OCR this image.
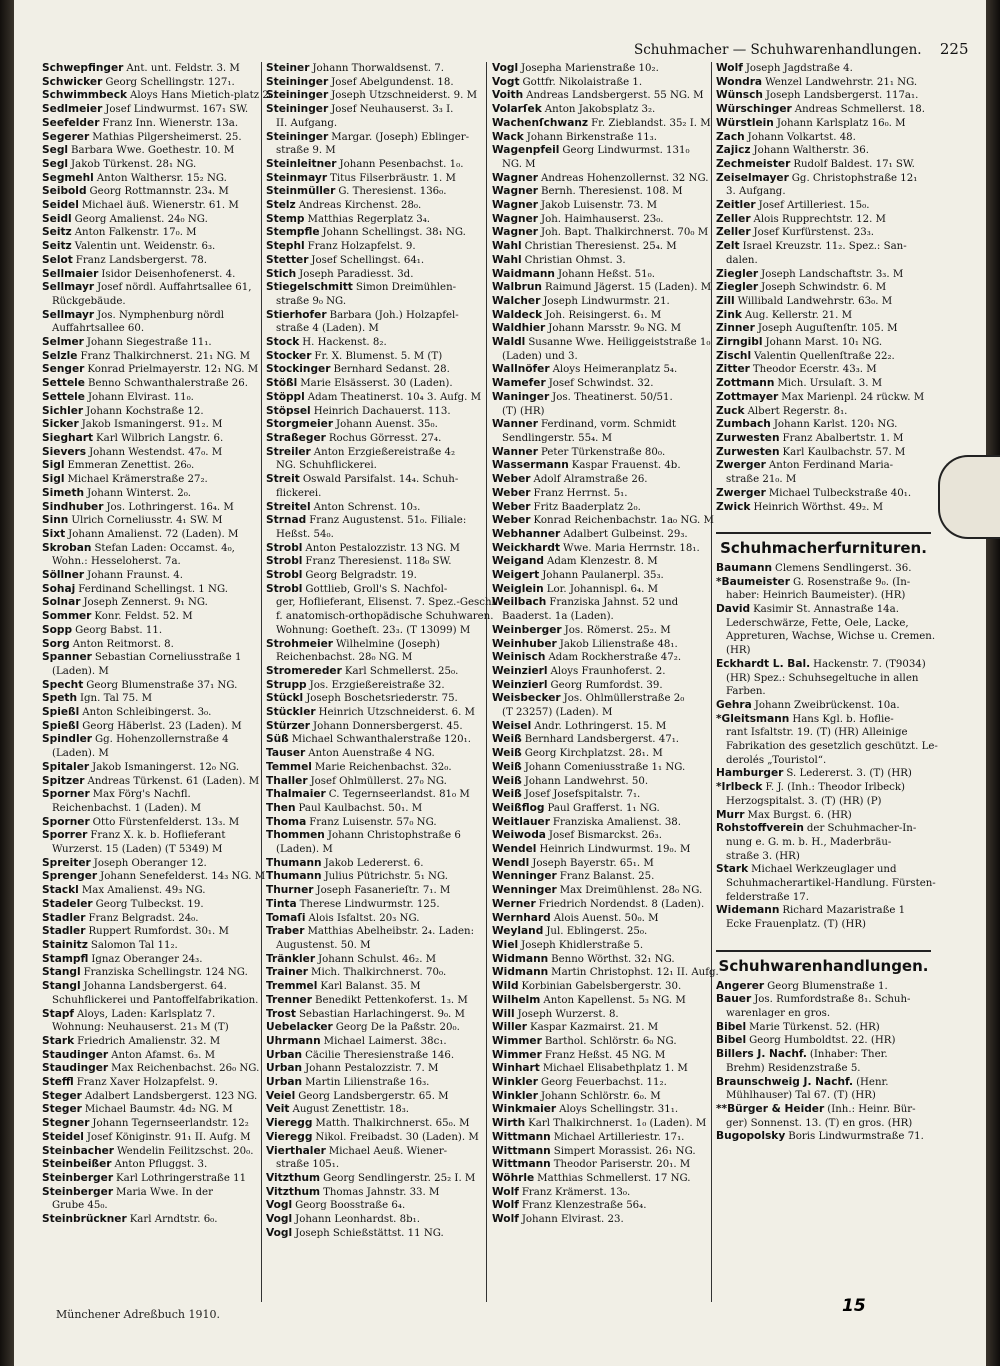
Schuhmacher — Schuhwarenhandlungen. 225

Schwepfinger Ant. unt. Feldstr. 3. M

Schwicker Georg Schellingstr. 127₁.

Schwimmbeck Aloys Hans Mietich-platz 2₀.

Sedlmeier Josef Lindwurmst. 167₁ SW.

Seefelder Franz Inn. Wienerstr. 13a.

Segerer Mathias Pilgersheimerst. 25.

Segl Barbara Wwe. Goethestr. 10. M

Segl Jakob Türkenst. 28₁ NG.

Segmehl Anton Walthersr. 15₂ NG.

Seibold Georg Rottmannstr. 23₄. M

Seidel Michael äuß. Wienerstr. 61. M

Seidl Georg Amalienst. 24₀ NG.

Seitz Anton Falkenstr. 17₀. M

Seitz Valentin unt. Weidenstr. 6₃.

Selot Franz Landsbergerst. 78.

Sellmaier Isidor Deisenhofenerst. 4.

Sellmayr Josef nördl. Auffahrtsallee 61,

Rückgebäude.

Sellmayr Jos. Nymphenburg nördl

Auffahrtsallee 60.

Selmer Johann Siegestraße 11₁.

Selzle Franz Thalkirchnerst. 21₁ NG. M

Senger Konrad Prielmayerstr. 12₁ NG. M

Settele Benno Schwanthalerstraße 26.

Settele Johann Elvirast. 11₀.

Sichler Johann Kochstraße 12.

Sicker Jakob Ismaningerst. 91₂. M

Sieghart Karl Wilbrich Langstr. 6.

Sievers Johann Westendst. 47₀. M

Sigl Emmeran Zenettist. 26₀.

Sigl Michael Krämerstraße 27₂.

Simeth Johann Winterst. 2₀.

Sindhuber Jos. Lothringerst. 16₄. M

Sinn Ulrich Corneliusstr. 4₁ SW. M

Sixt Johann Amalienst. 72 (Laden). M

Skroban Stefan Laden: Occamst. 4₀,

Wohn.: Hesseloherst. 7a.

Söllner Johann Fraunst. 4.

Sohaj Ferdinand Schellingst. 1 NG.

Solnar Joseph Zennerst. 9₁ NG.

Sommer Konr. Feldst. 52. M

Sopp Georg Babst. 11.

Sorg Anton Reitmorst. 8.

Spanner Sebastian Corneliusstraße 1

(Laden). M

Specht Georg Blumenstraße 37₁ NG.

Speth Ign. Tal 75. M

Spießl Anton Schleibingerst. 3₀.

Spießl Georg Häberlst. 23 (Laden). M

Spindler Gg. Hohenzollernstraße 4

(Laden). M

Spitaler Jakob Ismaningerst. 12₀ NG.

Spitzer Andreas Türkenst. 61 (Laden). M

Sporner Max Förg's Nachfl.

Reichenbachst. 1 (Laden). M

Sporner Otto Fürstenfelderst. 13₃. M

Sporrer Franz X. k. b. Hoflieferant

Wurzerst. 15 (Laden) (T 5349) M

Spreiter Joseph Oberanger 12.

Sprenger Johann Senefelderst. 14₃ NG. M

Stackl Max Amalienst. 49₃ NG.

Stadeler Georg Tulbeckst. 19.

Stadler Franz Belgradst. 24₀.

Stadler Ruppert Rumfordst. 30₁. M

Stainitz Salomon Tal 11₂.

Stampfl Ignaz Oberanger 24₃.

Stangl Franziska Schellingstr. 124 NG.

Stangl Johanna Landsbergerst. 64.

Schuhflickerei und Pantoffelfabrikation.

Stapf Aloys, Laden: Karlsplatz 7.

Wohnung: Neuhauserst. 21₃ M (T)

Stark Friedrich Amalienstr. 32. M

Staudinger Anton Afamst. 6₃. M

Staudinger Max Reichenbachst. 26₀ NG.

Steffl Franz Xaver Holzapfelst. 9.

Steger Adalbert Landsbergerst. 123 NG.

Steger Michael Baumstr. 4d₂ NG. M

Stegner Johann Tegernseerlandstr. 12₂

Steidel Josef Königinstr. 91₁ II. Aufg. M

Steinbacher Wendelin Feilitzschst. 20₀.

Steinbeißer Anton Pfluggst. 3.

Steinberger Karl Lothringerstraße 11

Steinberger Maria Wwe. In der

Grube 45₀.

Steinbrückner Karl Arndtstr. 6₀.

Steiner Johann Thorwaldsenst. 7.

Steininger Josef Abelgundenst. 18.

Steininger Joseph Utzschneiderst. 9. M

Steininger Josef Neuhauserst. 3₃ I.

II. Aufgang.

Steininger Margar. (Joseph) Eblinger-

straße 9. M

Steinleitner Johann Pesenbachst. 1₀.

Steinmayr Titus Filserbräustr. 1. M

Steinmüller G. Theresienst. 136₀.

Stelz Andreas Kirchenst. 28₀.

Stemp Matthias Regerplatz 3₄.

Stempfle Johann Schellingst. 38₁ NG.

Stephl Franz Holzapfelst. 9.

Stetter Josef Schellingst. 64₁.

Stich Joseph Paradiesst. 3d.

Stiegelschmitt Simon Dreimühlen-

straße 9₀ NG.

Stierhofer Barbara (Joh.) Holzapfel-

straße 4 (Laden). M

Stock H. Hackenst. 8₂.

Stocker Fr. X. Blumenst. 5. M (T)

Stockinger Bernhard Sedanst. 28.

Stößl Marie Elsässerst. 30 (Laden).

Stöppl Adam Theatinerst. 10₄ 3. Aufg. M

Stöpsel Heinrich Dachauerst. 113.

Storgmeier Johann Auenst. 35₀.

Straßeger Rochus Görresst. 27₄.

Streiler Anton Erzgießereistraße 4₂

NG. Schuhflickerei.

Streit Oswald Parsifalst. 14₄. Schuh-

flickerei.

Streitel Anton Schrenst. 10₃.

Strnad Franz Augustenst. 51₀. Filiale:

Heßst. 54₀.

Strobl Anton Pestalozzistr. 13 NG. M

Strobl Franz Theresienst. 118₀ SW.

Strobl Georg Belgradstr. 19.

Strobl Gottlieb, Groll's S. Nachfol-

ger, Hoflieferant, Elisenst. 7. Spez.-Geschl.

f. anatomisch-orthopädische Schuhwaren.

Wohnung: Goetheſt. 23₃. (T 13099) M

Strohmeier Wilhelmine (Joseph)

Reichenbachst. 28₀ NG. M

Stromereder Karl Schmellerst. 25₀.

Strupp Jos. Erzgießereistraße 32.

Stückl Joseph Boschetsriederstr. 75.

Stückler Heinrich Utzschneiderst. 6. M

Stürzer Johann Donnersbergerst. 45.

Süß Michael Schwanthalerstraße 120₁.

Tauser Anton Auenstraße 4 NG.

Temmel Marie Reichenbachst. 32₀.

Thaller Josef Ohlmüllerst. 27₀ NG.

Thalmaier C. Tegernseerlandst. 81₀ M

Then Paul Kaulbachst. 50₁. M

Thoma Franz Luisenstr. 57₀ NG.

Thommen Johann Christophstraße 6

(Laden). M

Thumann Jakob Ledererst. 6.

Thumann Julius Pütrichstr. 5₁ NG.

Thurner Joseph Fasanerieſtr. 7₁. M

Tinta Therese Lindwurmstr. 125.

Tomaſi Alois Isfaltst. 20₃ NG.

Traber Matthias Abelheibstr. 2₄. Laden:

Augustenst. 50. M

Tränkler Johann Schulst. 46₂. M

Trainer Mich. Thalkirchnerst. 70₀.

Tremmel Karl Balanst. 35. M

Trenner Benedikt Pettenkoferst. 1₃. M

Trost Sebastian Harlachingerst. 9₀. M

Uebelacker Georg De la Paßstr. 20₀.

Uhrmann Michael Laimerst. 38c₁.

Urban Cäcilie Theresienstraße 146.

Urban Johann Pestalozzistr. 7. M

Urban Martin Lilienstraße 16₃.

Veiel Georg Landsbergerstr. 65. M

Veit August Zenettistr. 18₃.

Vieregg Matth. Thalkirchnerst. 65₀. M

Vieregg Nikol. Freibadst. 30 (Laden). M

Vierthaler Michael Aeuß. Wiener-

straße 105₁.

Vitzthum Georg Sendlingerstr. 25₂ I. M

Vitzthum Thomas Jahnstr. 33. M

Vogl Georg Boosstraße 6₄.

Vogl Johann Leonhardst. 8b₁.

Vogl Joseph Schießstättst. 11 NG.

Vogl Josepha Marienstraße 10₂.

Vogt Gottfr. Nikolaistraße 1.

Voith Andreas Landsbergerst. 55 NG. M

Volarſek Anton Jakobsplatz 3₂.

Wachenſchwanz Fr. Zieblandst. 35₂ I. M

Wack Johann Birkenstraße 11₃.

Wagenpfeil Georg Lindwurmst. 131₀

NG. M

Wagner Andreas Hohenzollernst. 32 NG.

Wagner Bernh. Theresienst. 108. M

Wagner Jakob Luisenstr. 73. M

Wagner Joh. Haimhauserst. 23₀.

Wagner Joh. Bapt. Thalkirchnerst. 70₀ M

Wahl Christian Theresienst. 25₄. M

Wahl Christian Ohmst. 3.

Waidmann Johann Heßst. 51₀.

Walbrun Raimund Jägerst. 15 (Laden). M

Walcher Joseph Lindwurmstr. 21.

Waldeck Joh. Reisingerst. 6₁. M

Waldhier Johann Marsstr. 9₀ NG. M

Waldl Susanne Wwe. Heiliggeiststraße 1₀

(Laden) und 3.

Wallnöfer Aloys Heimeranplatz 5₄.

Wamefer Josef Schwindst. 32.

Waninger Jos. Theatinerst. 50/51.

(T) (HR)

Wanner Ferdinand, vorm. Schmidt

Sendlingerstr. 55₄. M

Wanner Peter Türkenstraße 80₀.

Wassermann Kaspar Frauenst. 4b.

Weber Adolf Alramstraße 26.

Weber Franz Herrnst. 5₁.

Weber Fritz Baaderplatz 2₀.

Weber Konrad Reichenbachstr. 1a₀ NG. M

Webhanner Adalbert Gulbeinst. 29₃.

Weickhardt Wwe. Maria Herrnstr. 18₁.

Weigand Adam Klenzestr. 8. M

Weigert Johann Paulanerpl. 35₃.

Weiglein Lor. Johannispl. 6₄. M

Weilbach Franziska Jahnst. 52 und

Baaderst. 1a (Laden).

Weinberger Jos. Römerst. 25₂. M

Weinhuber Jakob Lilienstraße 48₁.

Weinisch Adam Rockherstraße 47₂.

Weinzierl Aloys Fraunhoferst. 2.

Weinzierl Georg Rumfordst. 39.

Weisbecker Jos. Ohlmüllerstraße 2₀

(T 23257) (Laden). M

Weisel Andr. Lothringerst. 15. M

Weiß Bernhard Landsbergerst. 47₁.

Weiß Georg Kirchplatzst. 28₁. M

Weiß Johann Comeniusstraße 1₁ NG.

Weiß Johann Landwehrst. 50.

Weiß Josef Josefspitalstr. 7₁.

Weißflog Paul Grafferst. 1₁ NG.

Weitlauer Franziska Amalienst. 38.

Weiwoda Josef Bismarckst. 26₃.

Wendel Heinrich Lindwurmst. 19₀. M

Wendl Joseph Bayerstr. 65₁. M

Wenninger Franz Balanst. 25.

Wenninger Max Dreimühlenst. 28₀ NG.

Werner Friedrich Nordendst. 8 (Laden).

Wernhard Alois Auenst. 50₀. M

Weyland Jul. Eblingerst. 25₀.

Wiel Joseph Khidlerstraße 5.

Widmann Benno Wörthst. 32₁ NG.

Widmann Martin Christophst. 12₁ II. Aufg.

Wild Korbinian Gabelsbergerstr. 30.

Wilhelm Anton Kapellenst. 5₃ NG. M

Will Joseph Wurzerst. 8.

Willer Kaspar Kazmairst. 21. M

Wimmer Barthol. Schlörstr. 6₀ NG.

Wimmer Franz Heßst. 45 NG. M

Winhart Michael Elisabethplatz 1. M

Winkler Georg Feuerbachst. 11₂.

Winkler Johann Schlörstr. 6₀. M

Winkmaier Aloys Schellingstr. 31₁.

Wirth Karl Thalkirchnerst. 1₀ (Laden). M

Wittmann Michael Artilleriestr. 17₁.

Wittmann Simpert Morassist. 26₁ NG.

Wittmann Theodor Pariserstr. 20₁. M

Wöhrle Matthias Schmellerst. 17 NG.

Wolf Franz Krämerst. 13₀.

Wolf Franz Klenzestraße 56₄.

Wolf Johann Elvirast. 23.

Wolf Joseph Jagdstraße 4.

Wondra Wenzel Landwehrstr. 21₁ NG.

Wünsch Joseph Landsbergerst. 117a₁.

Würschinger Andreas Schmellerst. 18.

Würstlein Johann Karlsplatz 16₀. M

Zach Johann Volkartst. 48.

Zajicz Johann Waltherstr. 36.

Zechmeister Rudolf Baldest. 17₁ SW.

Zeiselmayer Gg. Christophstraße 12₁

3. Aufgang.

Zeitler Josef Artilleriest. 15₀.

Zeller Alois Rupprechtstr. 12. M

Zeller Josef Kurfürstenst. 23₃.

Zelt Israel Kreuzstr. 11₂. Spez.: San-

dalen.

Ziegler Joseph Landschaftstr. 3₃. M

Ziegler Joseph Schwindstr. 6. M

Zill Willibald Landwehrstr. 63₀. M

Zink Aug. Kellerstr. 21. M

Zinner Joseph Auguſtenſtr. 105. M

Zirngibl Johann Marst. 10₁ NG.

Zischl Valentin Quellenſtraße 22₂.

Zitter Theodor Ecerstr. 43₃. M

Zottmann Mich. Ursulaſt. 3. M

Zottmayer Max Marienpl. 24 rückw. M

Zuck Albert Regerstr. 8₁.

Zumbach Johann Karlst. 120₁ NG.

Zurwesten Franz Abalbertstr. 1. M

Zurwesten Karl Kaulbachstr. 57. M

Zwerger Anton Ferdinand Maria-

straße 21₀. M

Zwerger Michael Tulbeckstraße 40₁.

Zwick Heinrich Wörthst. 49₂. M

Schuhmacherfurnituren.

Baumann Clemens Sendlingerst. 36.

*Baumeister G. Rosenstraße 9₀. (In-

haber: Heinrich Baumeister). (HR)

David Kasimir St. Annastraße 14a.

Lederschwärze, Fette, Oele, Lacke,

Appreturen, Wachse, Wichse u. Cremen.

(HR)

Eckhardt L. Bal. Hackenstr. 7. (T9034)

(HR) Spez.: Schuhsegeltuche in allen

Farben.

Gehra Johann Zweibrückenst. 10a.

*Gleitsmann Hans Kgl. b. Hoflie-

rant Isfaltstr. 19. (T) (HR) Alleinige

Fabrikation des gesetzlich geschützt. Le-

derolés „Touristol“.

Hamburger S. Ledererst. 3. (T) (HR)

*Irlbeck F. J. (Inh.: Theodor Irlbeck)

Herzogspitalst. 3. (T) (HR) (P)

Murr Max Burgst. 6. (HR)

Rohstoffverein der Schuhmacher-In-

nung e. G. m. b. H., Maderbräu-

straße 3. (HR)

Stark Michael Werkzeuglager und

Schuhmacherartikel-Handlung. Fürsten-

felderstraße 17.

Widemann Richard Mazaristraße 1

Ecke Frauenplatz. (T) (HR)

Schuhwarenhandlungen.

Angerer Georg Blumenstraße 1.

Bauer Jos. Rumfordstraße 8₁. Schuh-

warenlager en gros.

Bibel Marie Türkenst. 52. (HR)

Bibel Georg Humboldtst. 22. (HR)

Billers J. Nachf. (Inhaber: Ther.

Brehm) Residenzstraße 5.

Braunschweig J. Nachf. (Henr.

Mühlhauser) Tal 67. (T) (HR)

**Bürger & Heider (Inh.: Heinr. Bür-

ger) Sonnenst. 13. (T) en gros. (HR)

Bugopolsky Boris Lindwurmstraße 71.

Münchener Adreßbuch 1910.	15
